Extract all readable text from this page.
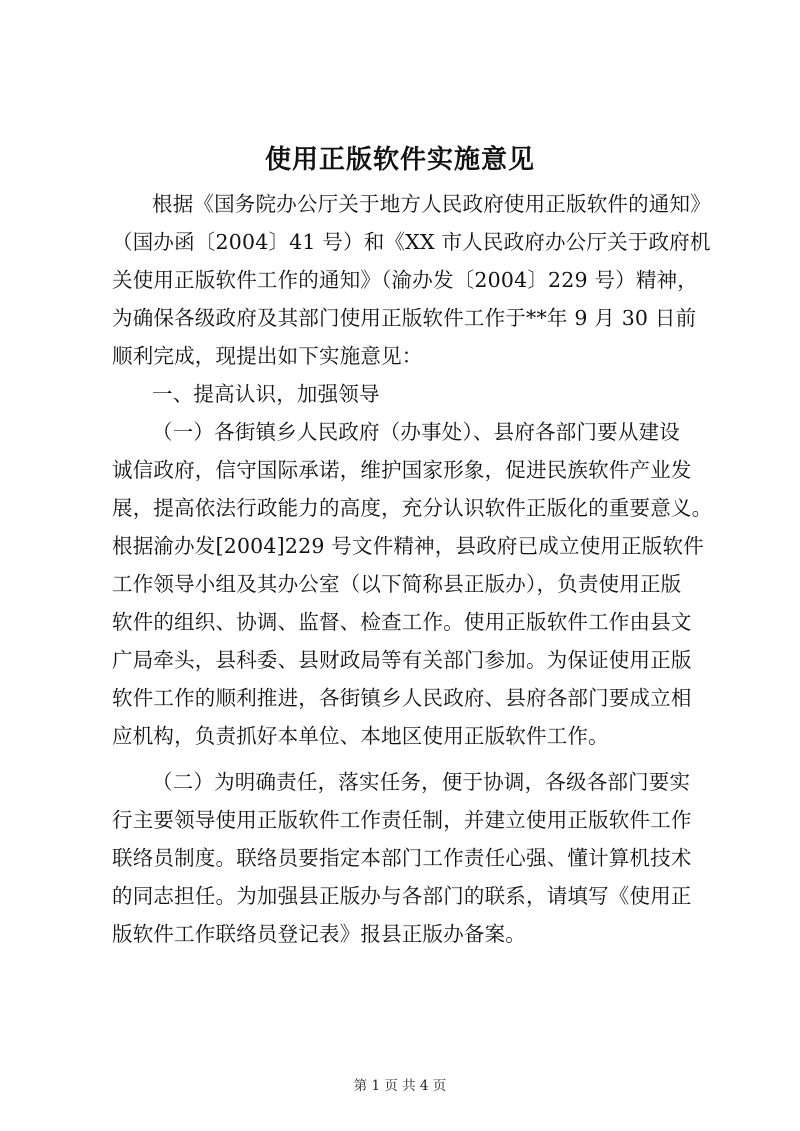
使用正版软件实施意见
根据《国务院办公厅关于地方人民政府使用正版软件的通知》
（国办函〔2004〕41 号）和《XX 市人民政府办公厅关于政府机
关使用正版软件工作的通知》（渝办发〔2004〕229 号）精神，
为确保各级政府及其部门使用正版软件工作于**年 9 月 30 日前
顺利完成，现提出如下实施意见：
一、提高认识，加强领导
（一）各街镇乡人民政府（办事处）、县府各部门要从建设
诚信政府，信守国际承诺，维护国家形象，促进民族软件产业发
展，提高依法行政能力的高度，充分认识软件正版化的重要意义。
根据渝办发[2004]229 号文件精神，县政府已成立使用正版软件
工作领导小组及其办公室（以下简称县正版办），负责使用正版
软件的组织、协调、监督、检查工作。使用正版软件工作由县文
广局牵头，县科委、县财政局等有关部门参加。为保证使用正版
软件工作的顺利推进，各街镇乡人民政府、县府各部门要成立相
应机构，负责抓好本单位、本地区使用正版软件工作。
（二）为明确责任，落实任务，便于协调，各级各部门要实
行主要领导使用正版软件工作责任制，并建立使用正版软件工作
联络员制度。联络员要指定本部门工作责任心强、懂计算机技术
的同志担任。为加强县正版办与各部门的联系，请填写《使用正
版软件工作联络员登记表》报县正版办备案。
第 1 页 共 4 页
